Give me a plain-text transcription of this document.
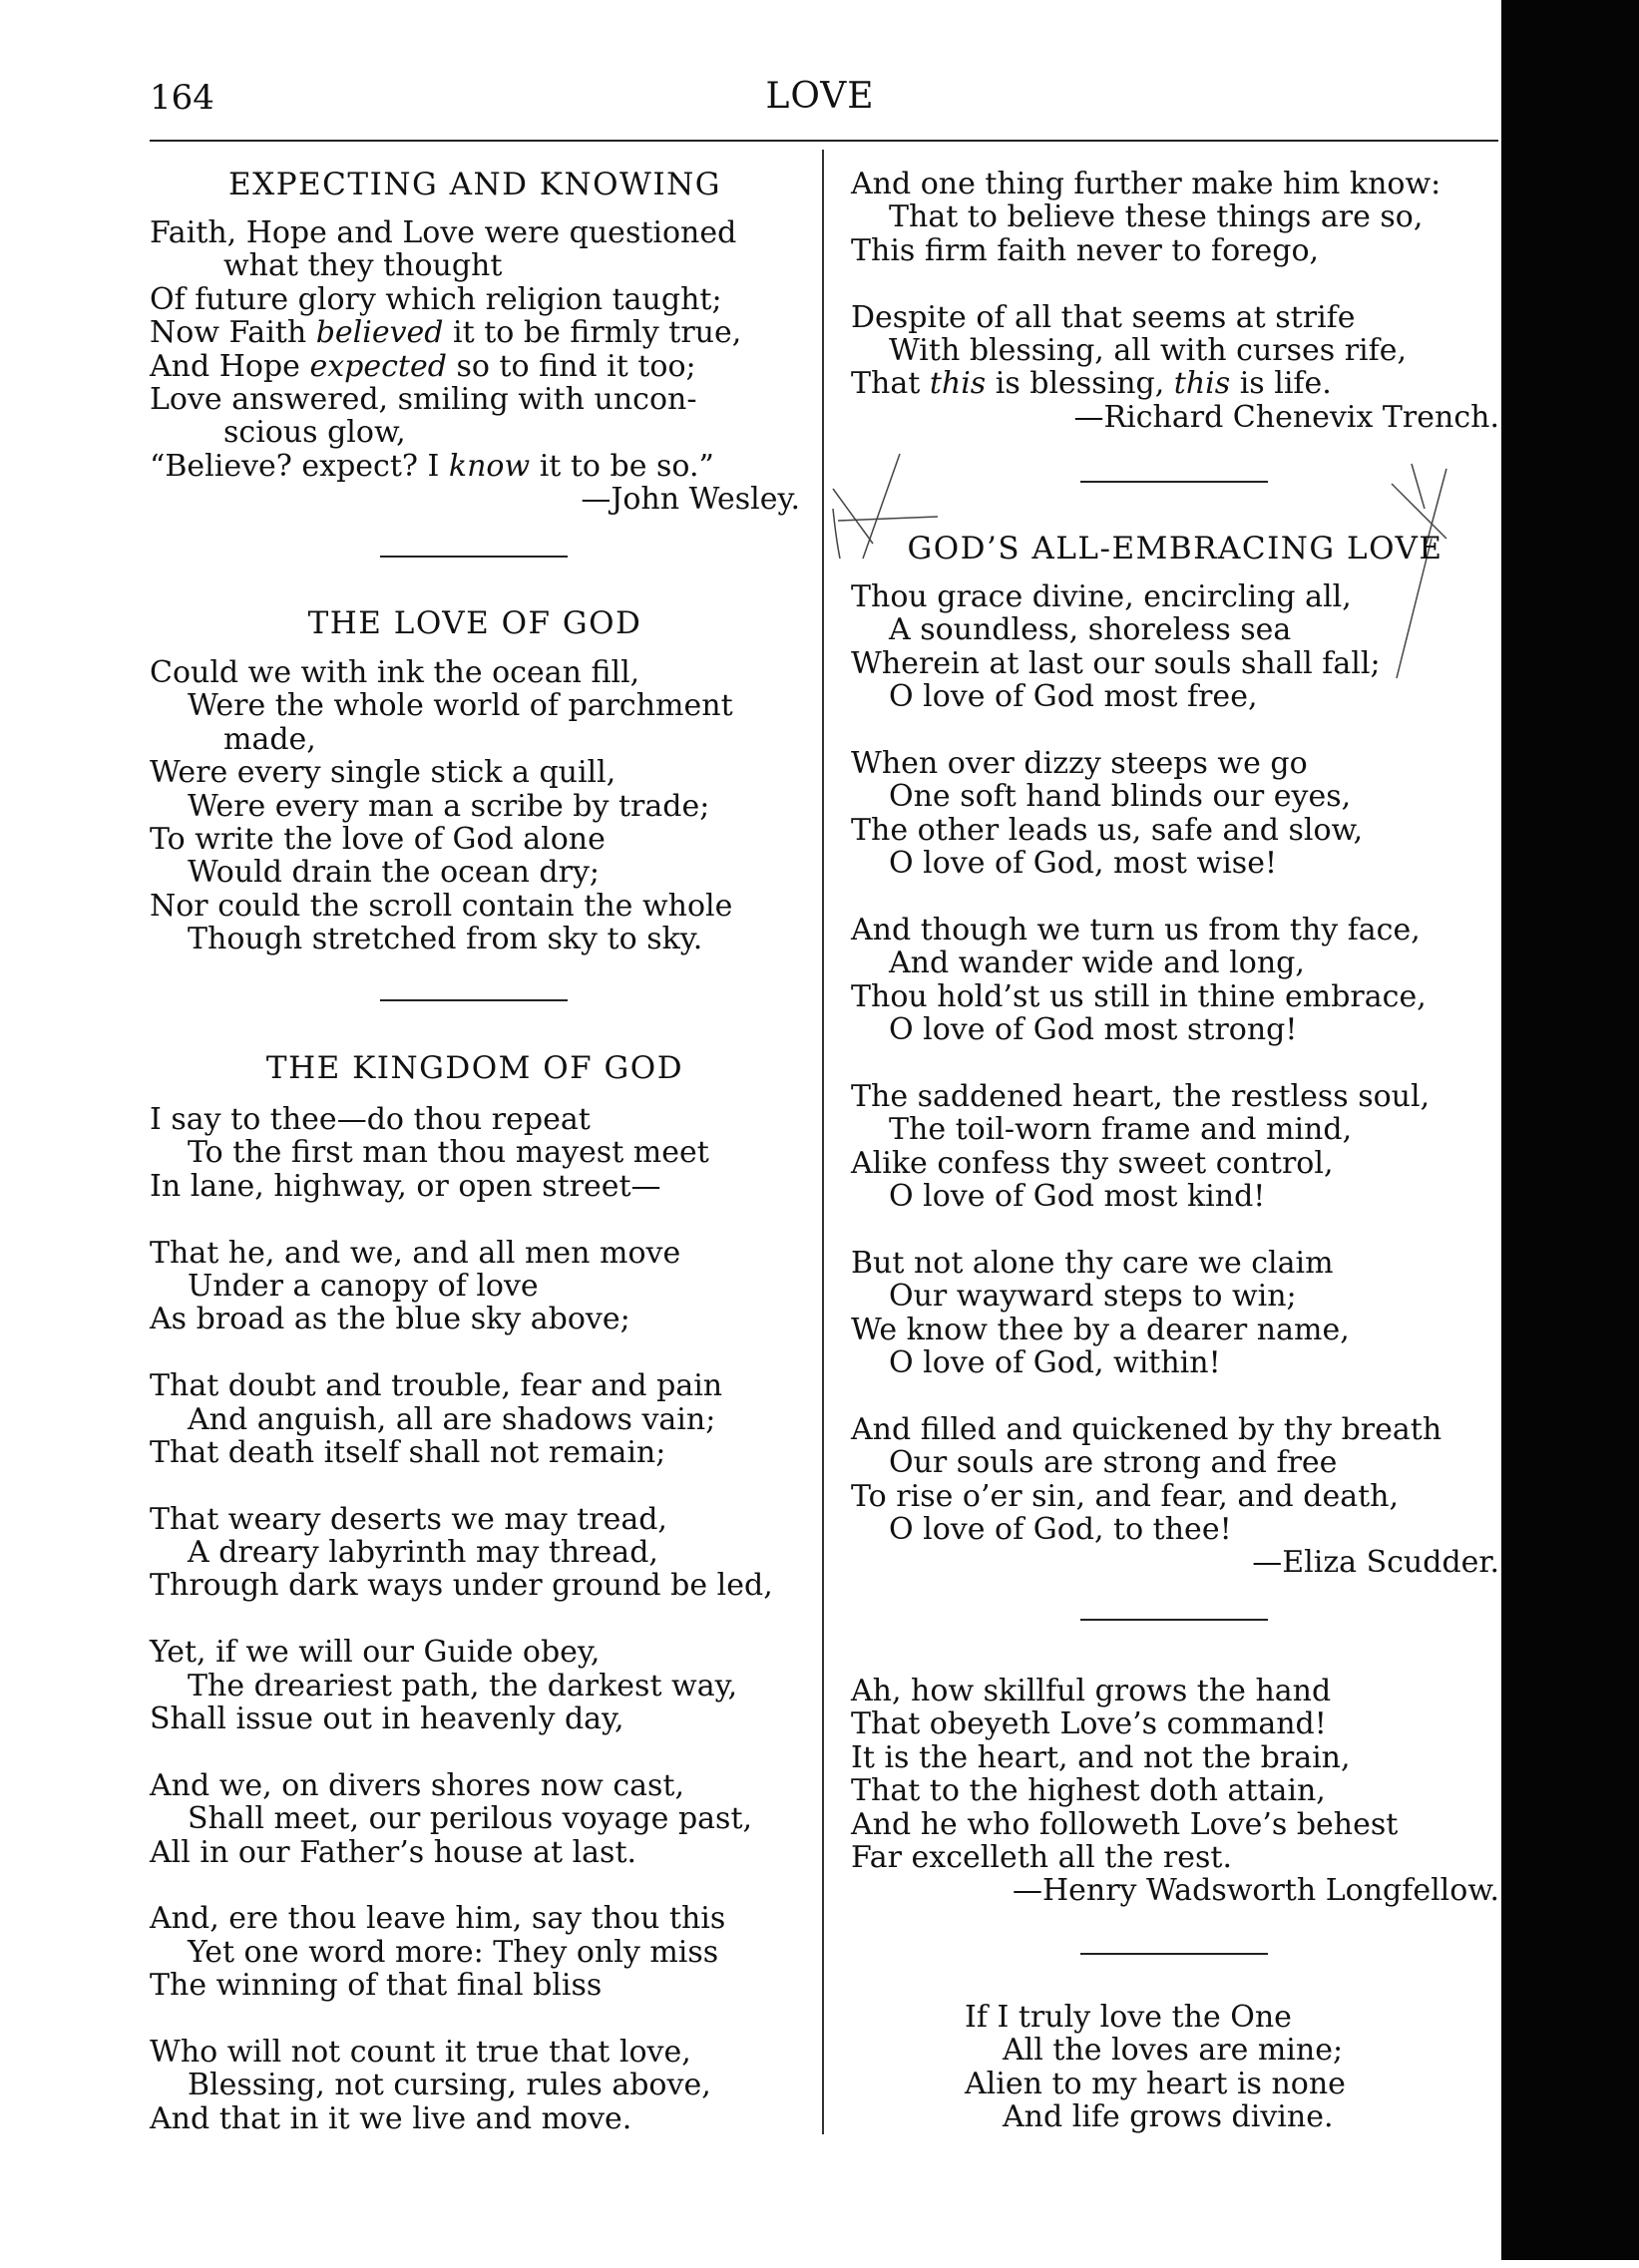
164	LOVE
EXPECTING AND KNOWING
Faith, Hope and Love were questioned
what they thought
Of future glory which religion taught;
Now Faith believed it to be firmly true,
And Hope expected so to find it too;
Love answered, smiling with uncon-
scious glow,
“Believe? expect? I know it to be so.”
—John Wesley.
THE LOVE OF GOD
Could we with ink the ocean fill,
Were the whole world of parchment
made,
Were every single stick a quill,
Were every man a scribe by trade;
To write the love of God alone
Would drain the ocean dry;
Nor could the scroll contain the whole
Though stretched from sky to sky.
THE KINGDOM OF GOD
I say to thee—do thou repeat
To the first man thou mayest meet
In lane, highway, or open street—
That he, and we, and all men move
Under a canopy of love
As broad as the blue sky above;
That doubt and trouble, fear and pain
And anguish, all are shadows vain;
That death itself shall not remain;
That weary deserts we may tread,
A dreary labyrinth may thread,
Through dark ways under ground be led,
Yet, if we will our Guide obey,
The dreariest path, the darkest way,
Shall issue out in heavenly day,
And we, on divers shores now cast,
Shall meet, our perilous voyage past,
All in our Father’s house at last.
And, ere thou leave him, say thou this
Yet one word more: They only miss
The winning of that final bliss
Who will not count it true that love,
Blessing, not cursing, rules above,
And that in it we live and move.
And one thing further make him know:
That to believe these things are so,
This firm faith never to forego,
Despite of all that seems at strife
With blessing, all with curses rife,
That this is blessing, this is life.
—Richard Chenevix Trench.
GOD’S ALL-EMBRACING LOVE
Thou grace divine, encircling all,
A soundless, shoreless sea
Wherein at last our souls shall fall;
O love of God most free,
When over dizzy steeps we go
One soft hand blinds our eyes,
The other leads us, safe and slow,
O love of God, most wise!
And though we turn us from thy face,
And wander wide and long,
Thou hold’st us still in thine embrace,
O love of God most strong!
The saddened heart, the restless soul,
The toil-worn frame and mind,
Alike confess thy sweet control,
O love of God most kind!
But not alone thy care we claim
Our wayward steps to win;
We know thee by a dearer name,
O love of God, within!
And filled and quickened by thy breath
Our souls are strong and free
To rise o’er sin, and fear, and death,
O love of God, to thee!
—Eliza Scudder.
Ah, how skillful grows the hand
That obeyeth Love’s command!
It is the heart, and not the brain,
That to the highest doth attain,
And he who followeth Love’s behest
Far excelleth all the rest.
—Henry Wadsworth Longfellow.
If I truly love the One
All the loves are mine;
Alien to my heart is none
And life grows divine.
